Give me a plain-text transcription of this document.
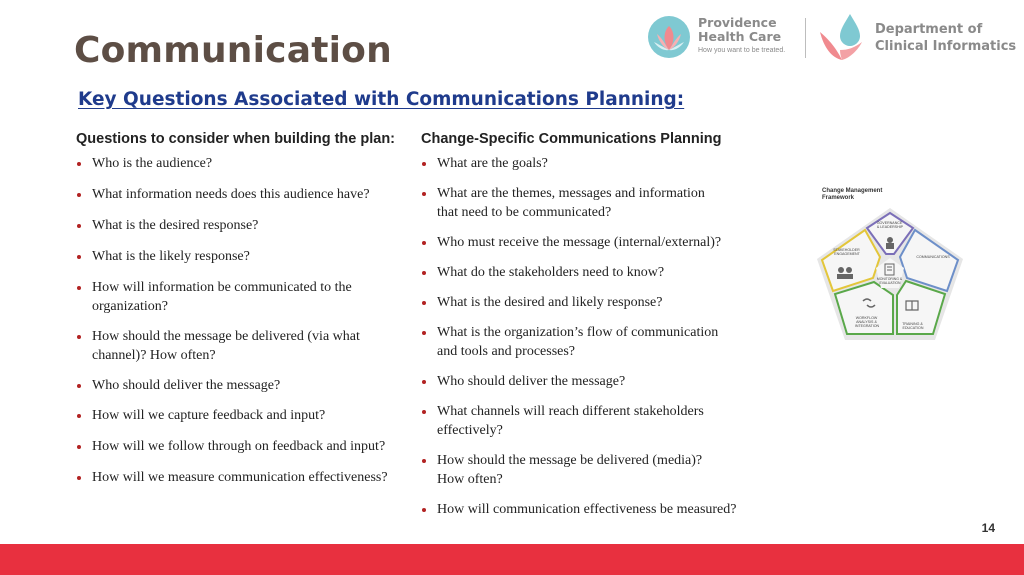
Communication
Providence
Health Care
How you want to be treated.
Department of
Clinical Informatics
Key Questions Associated with Communications Planning:
Questions to consider when building the plan:
Who is the audience?
What information needs does this audience have?
What is the desired response?
What is the likely response?
How will information be communicated to the organization?
How should the message be delivered (via what channel)? How often?
Who should deliver the message?
How will we capture feedback and input?
How will we follow through on feedback and input?
How will we measure communication effectiveness?
Change-Specific Communications Planning
What are the goals?
What are the themes, messages and information that need to be communicated?
Who must receive the message (internal/external)?
What do the stakeholders need to know?
What is the desired and likely response?
What is the organization’s flow of communication and tools and processes?
Who should deliver the message?
What channels will reach different stakeholders effectively?
How should the message be delivered (media)? How often?
How will communication effectiveness be measured?
Change Management
Framework
GOVERNANCE & LEADERSHIP
COMMUNICATIONS
TRAINING & EDUCATION
WORKFLOW ANALYSIS & INTEGRATION
STAKEHOLDER ENGAGEMENT
MONITORING & EVALUATION
14
